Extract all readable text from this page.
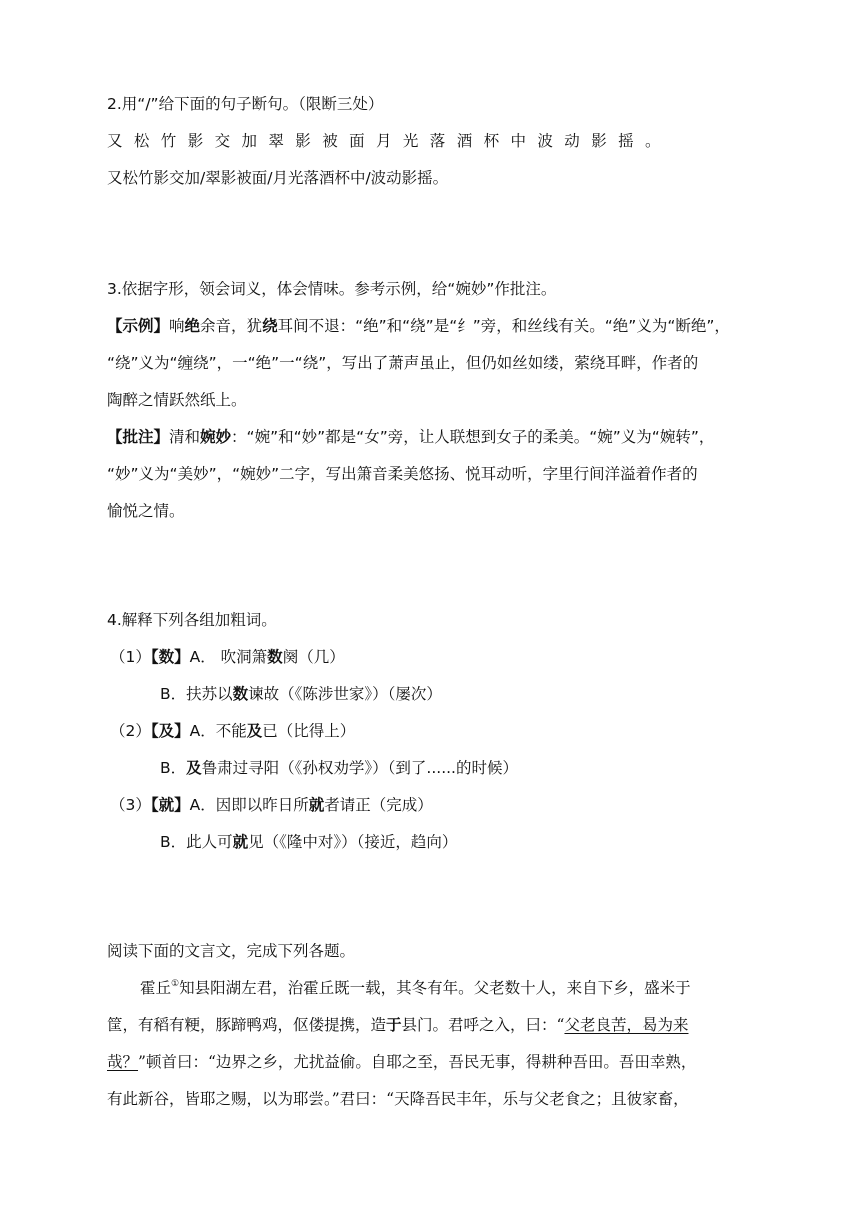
2.用“/”给下面的句子断句。（限断三处）
又松竹影交加翠影被面月光落酒杯中波动影摇。
又松竹影交加/翠影被面/月光落酒杯中/波动影摇。
3.依据字形，领会词义，体会情味。参考示例，给“婉妙”作批注。
【示例】响绝余音，犹绕耳间不退：“绝”和“绕”是“纟”旁，和丝线有关。“绝”义为“断绝”，
“绕”义为“缠绕”，一“绝”一“绕”，写出了萧声虽止，但仍如丝如缕，萦绕耳畔，作者的
陶醉之情跃然纸上。
【批注】清和婉妙：“婉”和“妙”都是“女”旁，让人联想到女子的柔美。“婉”义为“婉转”，
“妙”义为“美妙”，“婉妙”二字，写出箫音柔美悠扬、悦耳动听，字里行间洋溢着作者的
愉悦之情。
4.解释下列各组加粗词。
（1）【数】A． 吹洞箫数阕（几）
B．扶苏以数谏故（《陈涉世家》）（屡次）
（2）【及】A．不能及已（比得上）
B．及鲁肃过寻阳（《孙权劝学》）（到了......的时候）
（3）【就】A．因即以昨日所就者请正（完成）
B．此人可就见（《隆中对》）（接近，趋向）
阅读下面的文言文，完成下列各题。
霍丘①知县阳湖左君，治霍丘既一载，其冬有年。父老数十人，来自下乡，盛米于
筐，有稻有粳，豚蹄鸭鸡，伛偻提携，造于县门。君呼之入，曰：“父老良苦，曷为来
哉？”顿首曰：“边界之乡，尤扰益偷。自耶之至，吾民无事，得耕种吾田。吾田幸熟，
有此新谷，皆耶之赐，以为耶尝。”君曰：“天降吾民丰年，乐与父老食之；且彼家畜，
